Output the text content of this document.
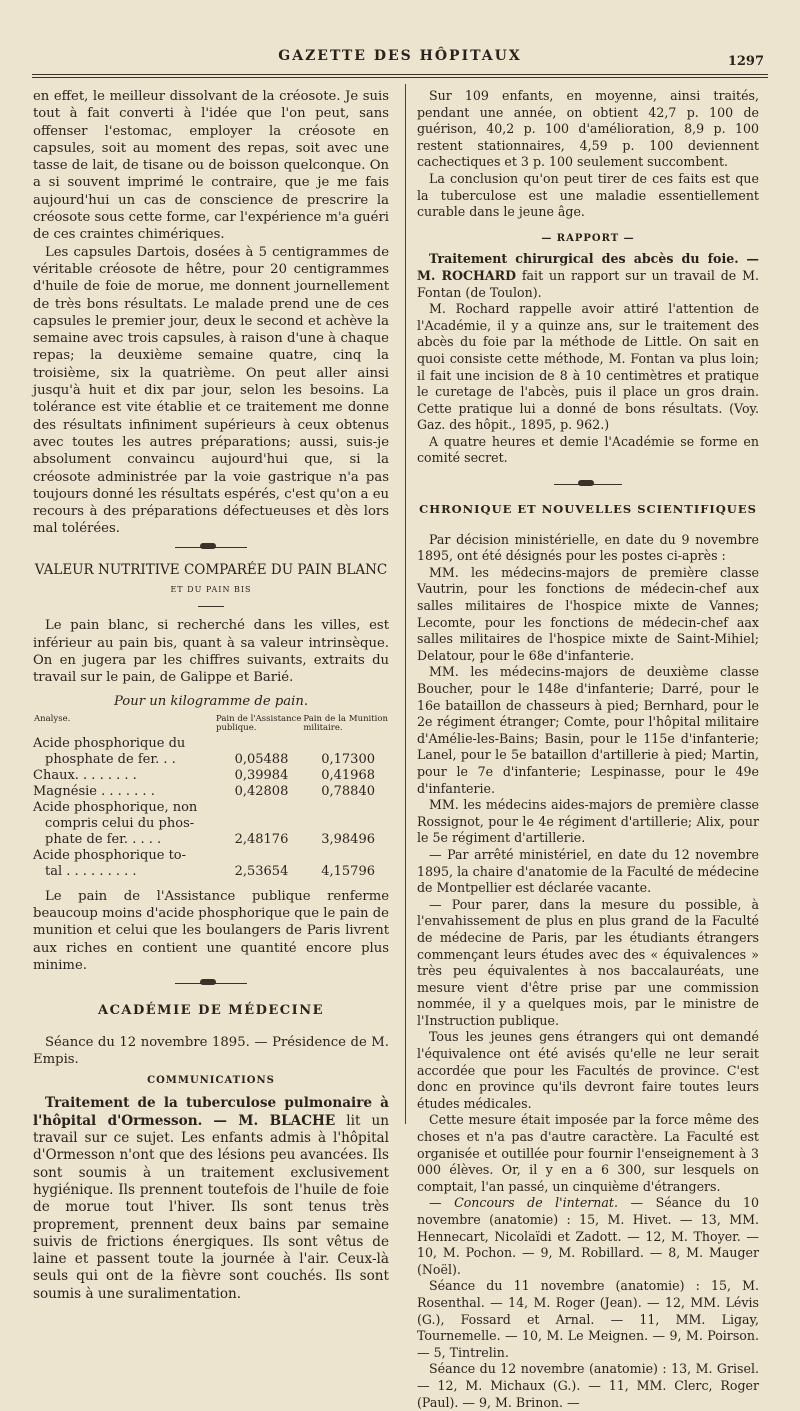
GAZETTE DES HÔPITAUX	1297

en effet, le meilleur dissolvant de la créosote. Je suis tout à fait converti à l'idée que l'on peut, sans offenser l'estomac, employer la créosote en capsules, soit au moment des repas, soit avec une tasse de lait, de tisane ou de boisson quelconque. On a si souvent imprimé le contraire, que je me fais aujourd'hui un cas de conscience de prescrire la créosote sous cette forme, car l'expérience m'a guéri de ces craintes chimériques.

Les capsules Dartois, dosées à 5 centigrammes de véritable créosote de hêtre, pour 20 centigrammes d'huile de foie de morue, me donnent journellement de très bons résultats. Le malade prend une de ces capsules le premier jour, deux le second et achève la semaine avec trois capsules, à raison d'une à chaque repas; la deuxième semaine quatre, cinq la troisième, six la quatrième. On peut aller ainsi jusqu'à huit et dix par jour, selon les besoins. La tolérance est vite établie et ce traitement me donne des résultats infiniment supérieurs à ceux obtenus avec toutes les autres préparations; aussi, suis-je absolument convaincu aujourd'hui que, si la créosote administrée par la voie gastrique n'a pas toujours donné les résultats espérés, c'est qu'on a eu recours à des préparations défectueuses et dès lors mal tolérées.

VALEUR NUTRITIVE COMPARÉE DU PAIN BLANC
ET DU PAIN BIS

Le pain blanc, si recherché dans les villes, est inférieur au pain bis, quant à sa valeur intrinsèque. On en jugera par les chiffres suivants, extraits du travail sur le pain, de Galippe et Barié.

Pour un kilogramme de pain.
Analyse.	Pain de l'Assistance publique.	Pain de la Munition militaire.
Acide phosphorique du		
phosphate de fer. . .	0,05488	0,17300
Chaux. . . . . . . .	0,39984	0,41968
Magnésie . . . . . . .	0,42808	0,78840
Acide phosphorique, non		
compris celui du phos-		
phate de fer. . . . .	2,48176	3,98496
Acide phosphorique to-		
tal . . . . . . . . .	2,53654	4,15796

Le pain de l'Assistance publique renferme beaucoup moins d'acide phosphorique que le pain de munition et celui que les boulangers de Paris livrent aux riches en contient une quantité encore plus minime.

ACADÉMIE DE MÉDECINE

Séance du 12 novembre 1895. — Présidence de M. Empis.

COMMUNICATIONS

Traitement de la tuberculose pulmonaire à l'hôpital d'Ormesson. — M. BLACHE lit un travail sur ce sujet. Les enfants admis à l'hôpital d'Ormesson n'ont que des lésions peu avancées. Ils sont soumis à un traitement exclusivement hygiénique. Ils prennent toutefois de l'huile de foie de morue tout l'hiver. Ils sont tenus très proprement, prennent deux bains par semaine suivis de frictions énergiques. Ils sont vêtus de laine et passent toute la journée à l'air. Ceux-là seuls qui ont de la fièvre sont couchés. Ils sont soumis à une suralimentation.

Sur 109 enfants, en moyenne, ainsi traités, pendant une année, on obtient 42,7 p. 100 de guérison, 40,2 p. 100 d'amélioration, 8,9 p. 100 restent stationnaires, 4,59 p. 100 deviennent cachectiques et 3 p. 100 seulement succombent.

La conclusion qu'on peut tirer de ces faits est que la tuberculose est une maladie essentiellement curable dans le jeune âge.

— RAPPORT —

Traitement chirurgical des abcès du foie. — M. ROCHARD fait un rapport sur un travail de M. Fontan (de Toulon).

M. Rochard rappelle avoir attiré l'attention de l'Académie, il y a quinze ans, sur le traitement des abcès du foie par la méthode de Little. On sait en quoi consiste cette méthode, M. Fontan va plus loin; il fait une incision de 8 à 10 centimètres et pratique le curetage de l'abcès, puis il place un gros drain. Cette pratique lui a donné de bons résultats. (Voy. Gaz. des hôpit., 1895, p. 962.)

A quatre heures et demie l'Académie se forme en comité secret.

CHRONIQUE ET NOUVELLES SCIENTIFIQUES

Par décision ministérielle, en date du 9 novembre 1895, ont été désignés pour les postes ci-après :

MM. les médecins-majors de première classe Vautrin, pour les fonctions de médecin-chef aux salles militaires de l'hospice mixte de Vannes; Lecomte, pour les fonctions de médecin-chef aax salles militaires de l'hospice mixte de Saint-Mihiel; Delatour, pour le 68e d'infanterie.

MM. les médecins-majors de deuxième classe Boucher, pour le 148e d'infanterie; Darré, pour le 16e bataillon de chasseurs à pied; Bernhard, pour le 2e régiment étranger; Comte, pour l'hôpital militaire d'Amélie-les-Bains; Basin, pour le 115e d'infanterie; Lanel, pour le 5e bataillon d'artillerie à pied; Martin, pour le 7e d'infanterie; Lespinasse, pour le 49e d'infanterie.

MM. les médecins aides-majors de première classe Rossignot, pour le 4e régiment d'artillerie; Alix, pour le 5e régiment d'artillerie.

— Par arrêté ministériel, en date du 12 novembre 1895, la chaire d'anatomie de la Faculté de médecine de Montpellier est déclarée vacante.

— Pour parer, dans la mesure du possible, à l'envahissement de plus en plus grand de la Faculté de médecine de Paris, par les étudiants étrangers commençant leurs études avec des « équivalences » très peu équivalentes à nos baccalauréats, une mesure vient d'être prise par une commission nommée, il y a quelques mois, par le ministre de l'Instruction publique.

Tous les jeunes gens étrangers qui ont demandé l'équivalence ont été avisés qu'elle ne leur serait accordée que pour les Facultés de province. C'est donc en province qu'ils devront faire toutes leurs études médicales.

Cette mesure était imposée par la force même des choses et n'a pas d'autre caractère. La Faculté est organisée et outillée pour fournir l'enseignement à 3 000 élèves. Or, il y en a 6 300, sur lesquels on comptait, l'an passé, un cinquième d'étrangers.

— Concours de l'internat. — Séance du 10 novembre (anatomie) : 15, M. Hivet. — 13, MM. Hennecart, Nicolaïdi et Zadott. — 12, M. Thoyer. — 10, M. Pochon. — 9, M. Robillard. — 8, M. Mauger (Noël).

Séance du 11 novembre (anatomie) : 15, M. Rosenthal. — 14, M. Roger (Jean). — 12, MM. Lévis (G.), Fossard et Arnal. — 11, MM. Ligay, Tournemelle. — 10, M. Le Meignen. — 9, M. Poirson. — 5, Tintrelin.

Séance du 12 novembre (anatomie) : 13, M. Grisel. — 12, M. Michaux (G.). — 11, MM. Clerc, Roger (Paul). — 9, M. Brinon. —
